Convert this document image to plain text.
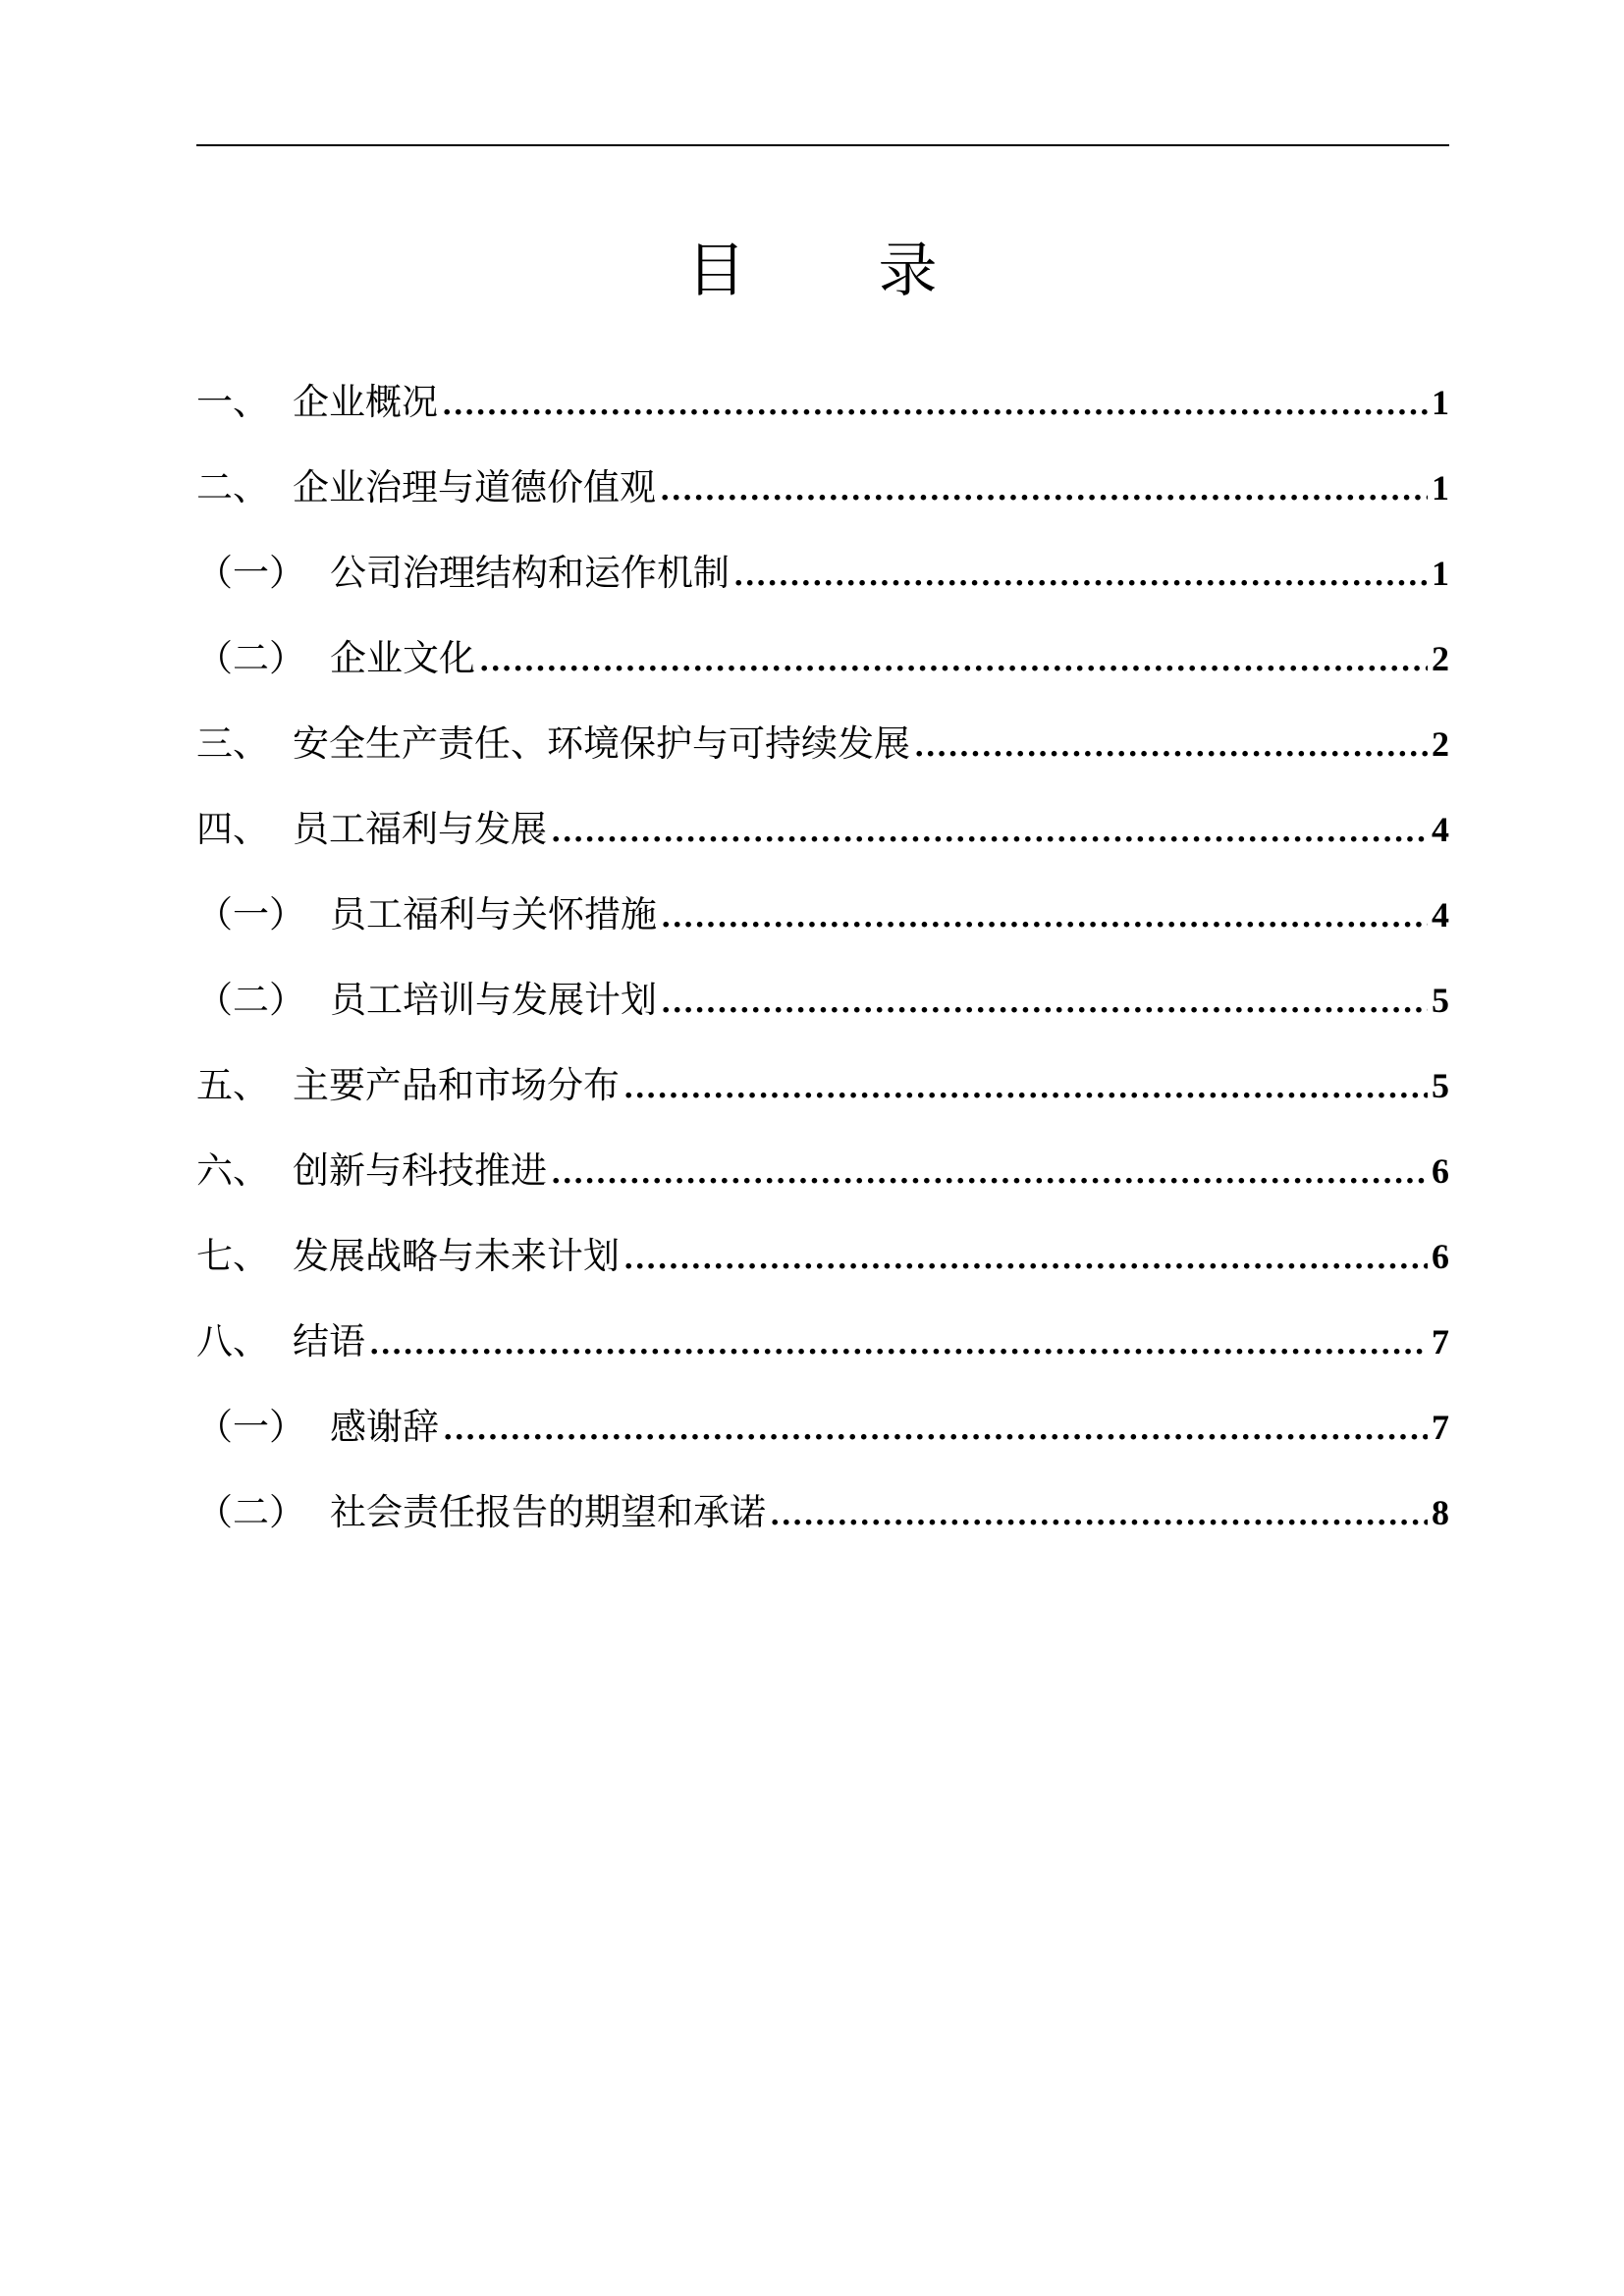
目 录
一、 企业概况 .....	1
二、 企业治理与道德价值观 .....	1
（一） 公司治理结构和运作机制 .....	1
（二） 企业文化 .....	2
三、 安全生产责任、环境保护与可持续发展 .....	2
四、 员工福利与发展 .....	4
（一） 员工福利与关怀措施 .....	4
（二） 员工培训与发展计划 .....	5
五、 主要产品和市场分布 .....	5
六、 创新与科技推进 .....	6
七、 发展战略与未来计划 .....	6
八、 结语 .....	7
（一） 感谢辞 .....	7
（二） 社会责任报告的期望和承诺 .....	8
